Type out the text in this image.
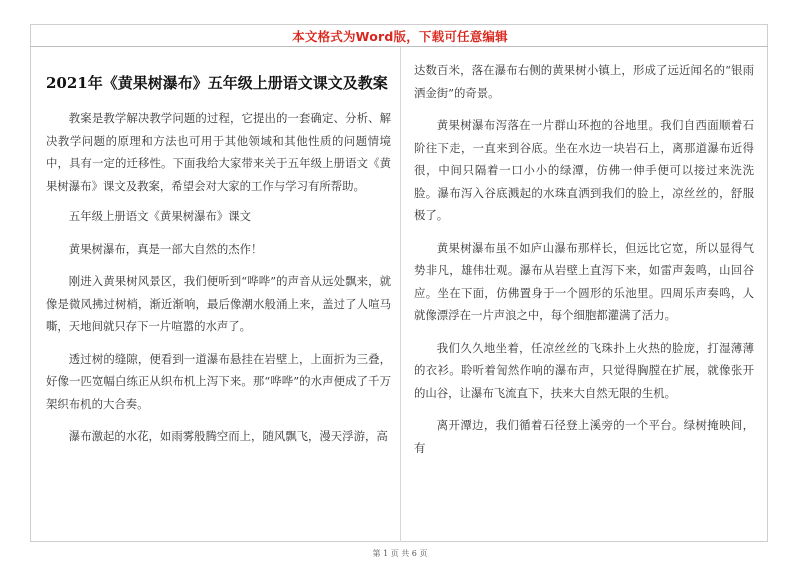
本文格式为Word版，下载可任意编辑
2021年《黄果树瀑布》五年级上册语文课文及教案

教案是教学解决教学问题的过程，它提出的一套确定、分析、解决教学问题的原理和方法也可用于其他领域和其他性质的问题情境中，具有一定的迁移性。下面我给大家带来关于五年级上册语文《黄果树瀑布》课文及教案，希望会对大家的工作与学习有所帮助。

五年级上册语文《黄果树瀑布》课文

黄果树瀑布，真是一部大自然的杰作！

刚进入黄果树风景区，我们便听到“哗哗”的声音从远处飘来，就像是微风拂过树梢，渐近渐响，最后像潮水般涌上来，盖过了人喧马嘶，天地间就只存下一片喧嚣的水声了。

透过树的缝隙，便看到一道瀑布悬挂在岩壁上，上面折为三叠，好像一匹宽幅白练正从织布机上泻下来。那“哗哗”的水声便成了千万架织布机的大合奏。

瀑布激起的水花，如雨雾般腾空而上，随风飘飞，漫天浮游，高

达数百米，落在瀑布右侧的黄果树小镇上，形成了远近闻名的“银雨洒金街”的奇景。

黄果树瀑布泻落在一片群山环抱的谷地里。我们自西面顺着石阶往下走，一直来到谷底。坐在水边一块岩石上，离那道瀑布近得很，中间只隔着一口小小的绿潭，仿佛一伸手便可以接过来洗洗脸。瀑布泻入谷底溅起的水珠直洒到我们的脸上，凉丝丝的，舒服极了。

黄果树瀑布虽不如庐山瀑布那样长，但远比它宽，所以显得气势非凡，雄伟壮观。瀑布从岩壁上直泻下来，如雷声轰鸣，山回谷应。坐在下面，仿佛置身于一个圆形的乐池里。四周乐声奏鸣，人就像漂浮在一片声浪之中，每个细胞都灌满了活力。

我们久久地坐着，任凉丝丝的飞珠扑上火热的脸庞，打湿薄薄的衣衫。聆听着訇然作响的瀑布声，只觉得胸膛在扩展，就像张开的山谷，让瀑布飞流直下，扶来大自然无限的生机。

离开潭边，我们循着石径登上溪旁的一个平台。绿树掩映间，有

第 1 页 共 6 页
